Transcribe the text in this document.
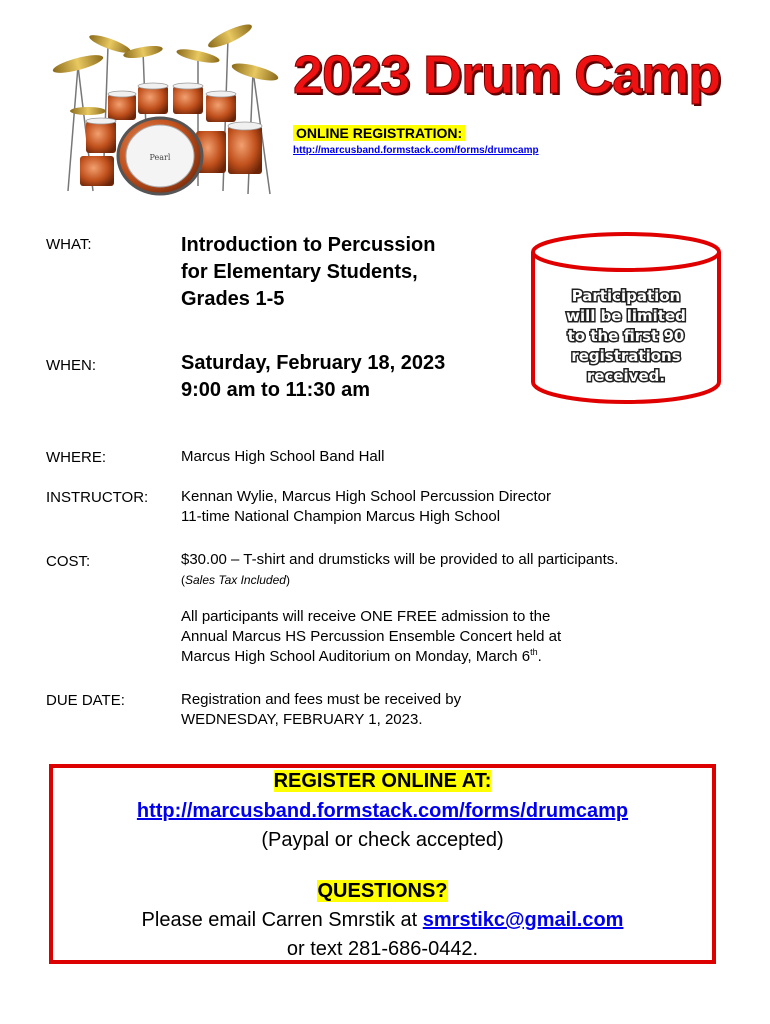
Pearl
2023 Drum Camp
ONLINE REGISTRATION:
http://marcusband.formstack.com/forms/drumcamp
WHAT:	Introduction to Percussion
for Elementary Students,
Grades 1-5
WHEN:	Saturday, February 18, 2023
9:00 am to 11:30 am
Participation
will be limited
to the first 90
registrations
received.
WHERE:	Marcus High School Band Hall
INSTRUCTOR: Kennan Wylie, Marcus High School Percussion Director
11-time National Champion Marcus High School
COST:	$30.00 – T-shirt and drumsticks will be provided to all participants.
(Sales Tax Included)
All participants will receive ONE FREE admission to the
Annual Marcus HS Percussion Ensemble Concert held at
Marcus High School Auditorium on Monday, March 6th.
DUE DATE:	Registration and fees must be received by
WEDNESDAY, FEBRUARY 1, 2023.
REGISTER ONLINE AT:
http://marcusband.formstack.com/forms/drumcamp
(Paypal or check accepted)
QUESTIONS?
Please email Carren Smrstik at smrstikc@gmail.com
or text 281-686-0442.
